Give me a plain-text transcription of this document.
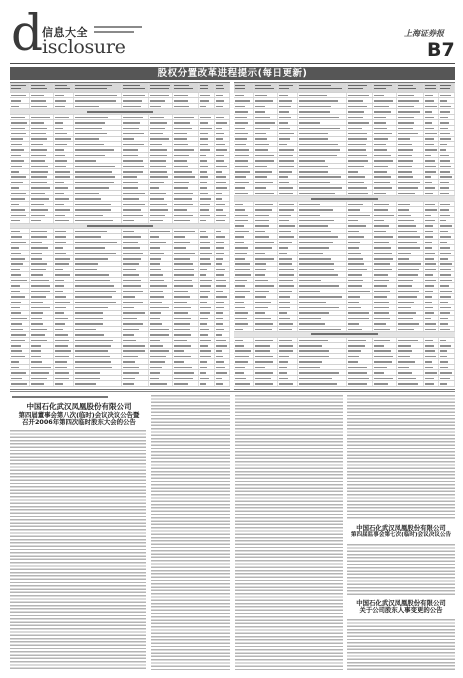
d
信息大全
isclosure
上海证券报
B7
股权分置改革进程提示(每日更新)
中国石化武汉凤凰股份有限公司
第四届董事会第八次(临时)会议决议公告暨
召开2006年第四次临时股东大会的公告
中国石化武汉凤凰股份有限公司
第四届监事会第七次(临时)会议决议公告
中国石化武汉凤凰股份有限公司
关于公司股东人事变更的公告
